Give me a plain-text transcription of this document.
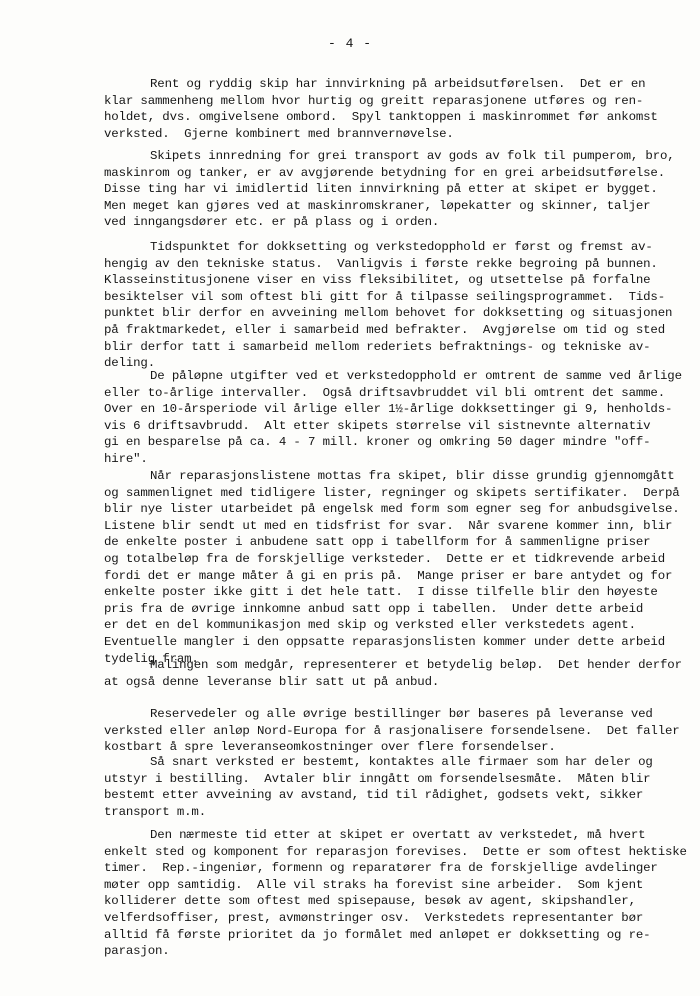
- 4 -
Rent og ryddig skip har innvirkning på arbeidsutførelsen.  Det er en
klar sammenheng mellom hvor hurtig og greitt reparasjonene utføres og ren-
holdet, dvs. omgivelsene ombord.  Spyl tanktoppen i maskinrommet før ankomst
verksted.  Gjerne kombinert med brannvernøvelse.
Skipets innredning for grei transport av gods av folk til pumperom, bro,
maskinrom og tanker, er av avgjørende betydning for en grei arbeidsutførelse.
Disse ting har vi imidlertid liten innvirkning på etter at skipet er bygget.
Men meget kan gjøres ved at maskinromskraner, løpekatter og skinner, taljer
ved inngangsdører etc. er på plass og i orden.
Tidspunktet for dokksetting og verkstedopphold er først og fremst av-
hengig av den tekniske status.  Vanligvis i første rekke begroing på bunnen.
Klasseinstitusjonene viser en viss fleksibilitet, og utsettelse på forfalne
besiktelser vil som oftest bli gitt for å tilpasse seilingsprogrammet.  Tids-
punktet blir derfor en avveining mellom behovet for dokksetting og situasjonen
på fraktmarkedet, eller i samarbeid med befrakter.  Avgjørelse om tid og sted
blir derfor tatt i samarbeid mellom rederiets befraktnings- og tekniske av-
deling.
De påløpne utgifter ved et verkstedopphold er omtrent de samme ved årlige
eller to-årlige intervaller.  Også driftsavbruddet vil bli omtrent det samme.
Over en 10-årsperiode vil årlige eller 1½-årlige dokksettinger gi 9, henholds-
vis 6 driftsavbrudd.  Alt etter skipets størrelse vil sistnevnte alternativ
gi en besparelse på ca. 4 - 7 mill. kroner og omkring 50 dager mindre "off-
hire".
Når reparasjonslistene mottas fra skipet, blir disse grundig gjennomgått
og sammenlignet med tidligere lister, regninger og skipets sertifikater.  Derpå
blir nye lister utarbeidet på engelsk med form som egner seg for anbudsgivelse.
Listene blir sendt ut med en tidsfrist for svar.  Når svarene kommer inn, blir
de enkelte poster i anbudene satt opp i tabellform for å sammenligne priser
og totalbeløp fra de forskjellige verksteder.  Dette er et tidkrevende arbeid
fordi det er mange måter å gi en pris på.  Mange priser er bare antydet og for
enkelte poster ikke gitt i det hele tatt.  I disse tilfelle blir den høyeste
pris fra de øvrige innkomne anbud satt opp i tabellen.  Under dette arbeid
er det en del kommunikasjon med skip og verksted eller verkstedets agent.
Eventuelle mangler i den oppsatte reparasjonslisten kommer under dette arbeid
tydelig fram.
Malingen som medgår, representerer et betydelig beløp.  Det hender derfor
at også denne leveranse blir satt ut på anbud.
Reservedeler og alle øvrige bestillinger bør baseres på leveranse ved
verksted eller anløp Nord-Europa for å rasjonalisere forsendelsene.  Det faller
kostbart å spre leveranseomkostninger over flere forsendelser.
Så snart verksted er bestemt, kontaktes alle firmaer som har deler og
utstyr i bestilling.  Avtaler blir inngått om forsendelsesmåte.  Måten blir
bestemt etter avveining av avstand, tid til rådighet, godsets vekt, sikker
transport m.m.
Den nærmeste tid etter at skipet er overtatt av verkstedet, må hvert
enkelt sted og komponent for reparasjon forevises.  Dette er som oftest hektiske
timer.  Rep.-ingeniør, formenn og reparatører fra de forskjellige avdelinger
møter opp samtidig.  Alle vil straks ha forevist sine arbeider.  Som kjent
kolliderer dette som oftest med spisepause, besøk av agent, skipshandler,
velferdsoffiser, prest, avmønstringer osv.  Verkstedets representanter bør
alltid få første prioritet da jo formålet med anløpet er dokksetting og re-
parasjon.
